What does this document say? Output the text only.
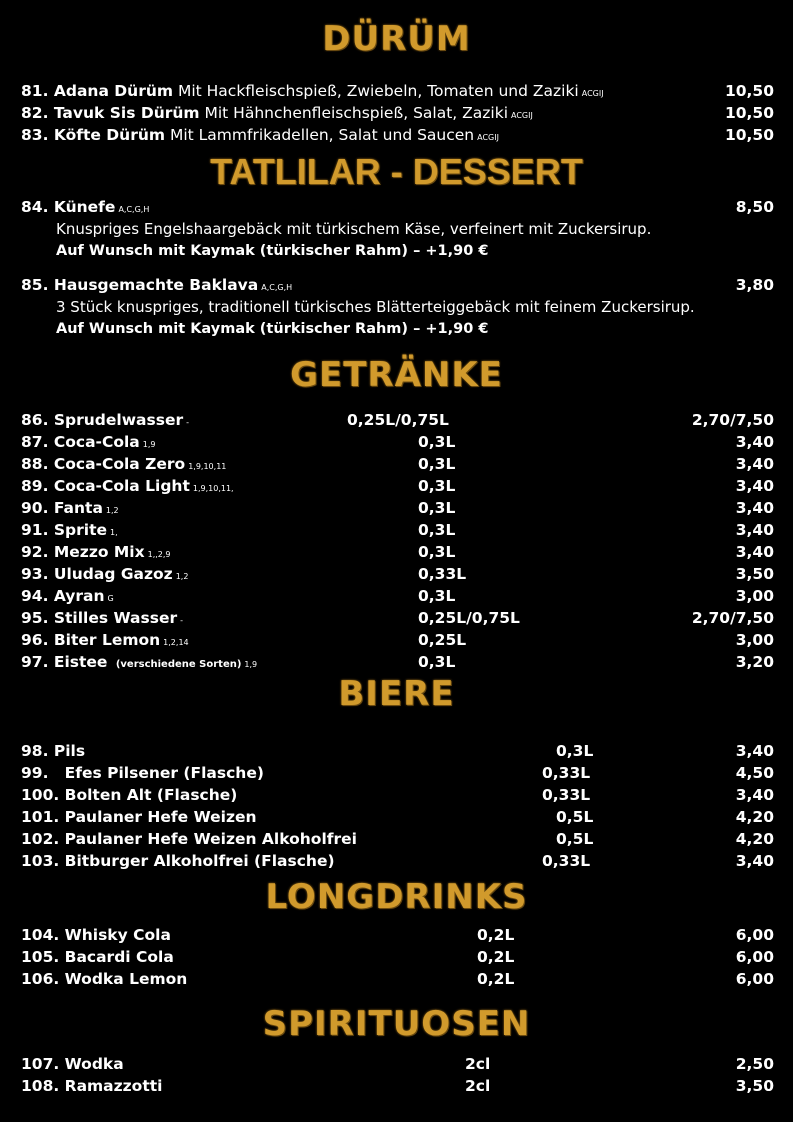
DÜRÜM
81. Adana Dürüm Mit Hackfleischspieß, Zwiebeln, Tomaten und Zaziki ACGIJ	10,50
82. Tavuk Sis Dürüm Mit Hähnchenfleischspieß, Salat, Zaziki ACGIJ	10,50
83. Köfte Dürüm Mit Lammfrikadellen, Salat und Saucen ACGIJ	10,50
TATLILAR - DESSERT
84. Künefe A,C,G,H	8,50
Knuspriges Engelshaargebäck mit türkischem Käse, verfeinert mit Zuckersirup.
Auf Wunsch mit Kaymak (türkischer Rahm) – +1,90 €
85. Hausgemachte Baklava A,C,G,H	3,80
3 Stück knuspriges, traditionell türkisches Blätterteiggebäck mit feinem Zuckersirup.
Auf Wunsch mit Kaymak (türkischer Rahm) – +1,90 €
GETRÄNKE
86. Sprudelwasser -	0,25L/0,75L	2,70/7,50
87. Coca-Cola 1,9	0,3L	3,40
88. Coca-Cola Zero 1,9,10,11	0,3L	3,40
89. Coca-Cola Light 1,9,10,11,	0,3L	3,40
90. Fanta 1,2	0,3L	3,40
91. Sprite 1,	0,3L	3,40
92. Mezzo Mix 1,,2,9	0,3L	3,40
93. Uludag Gazoz 1,2	0,33L	3,50
94. Ayran G	0,3L	3,00
95. Stilles Wasser -	0,25L/0,75L	2,70/7,50
96. Biter Lemon 1,2,14	0,25L	3,00
97. Eistee (verschiedene Sorten) 1,9	0,3L	3,20
BIERE
98. Pils	0,3L	3,40
99.   Efes Pilsener (Flasche)	0,33L	4,50
100. Bolten Alt (Flasche)	0,33L	3,40
101. Paulaner Hefe Weizen	0,5L	4,20
102. Paulaner Hefe Weizen Alkoholfrei	0,5L	4,20
103. Bitburger Alkoholfrei (Flasche)	0,33L	3,40
LONGDRINKS
104. Whisky Cola	0,2L	6,00
105. Bacardi Cola	0,2L	6,00
106. Wodka Lemon	0,2L	6,00
SPIRITUOSEN
107. Wodka	2cl	2,50
108. Ramazzotti	2cl	3,50
